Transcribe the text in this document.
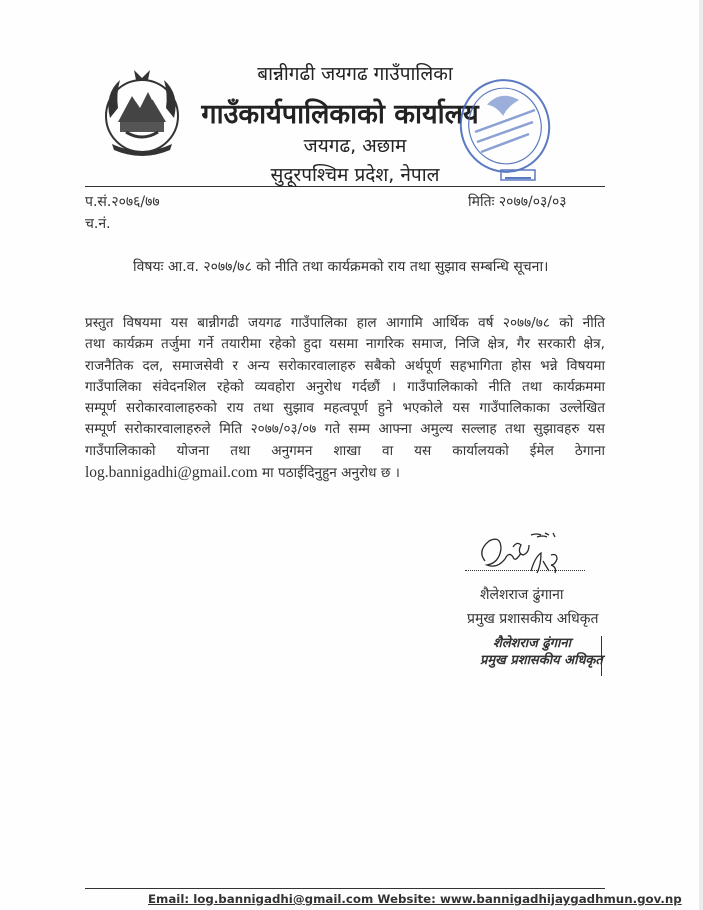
बान्नीगढी जयगढ गाउँपालिका
गाउँकार्यपालिकाको कार्यालय
जयगढ, अछाम
सुदूरपश्चिम प्रदेश, नेपाल
प.सं.२०७६/७७
च.नं.
मितिः २०७७/०३/०३
विषयः आ.व. २०७७/७८ को नीति तथा कार्यक्रमको राय तथा सुझाव सम्बन्धि सूचना।
प्रस्तुत विषयमा यस बान्नीगढी जयगढ गाउँपालिका हाल आगामि आर्थिक वर्ष २०७७/७८ को नीति
तथा कार्यक्रम तर्जुमा गर्ने तयारीमा रहेको हुदा यसमा नागरिक समाज, निजि क्षेत्र, गैर सरकारी क्षेत्र,
राजनैतिक दल, समाजसेवी र अन्य सरोकारवालाहरु सबैको अर्थपूर्ण सहभागिता होस भन्ने विषयमा
गाउँपालिका संवेदनशिल रहेको व्यवहोरा अनुरोध गर्दछौं । गाउँपालिकाको नीति तथा कार्यक्रममा
सम्पूर्ण सरोकारवालाहरुको राय तथा सुझाव महत्वपूर्ण हुने भएकोले यस गाउँपालिकाका उल्लेखित
सम्पूर्ण सरोकारवालाहरुले मिति २०७७/०३/०७ गते सम्म आफ्ना अमुल्य सल्लाह तथा सुझावहरु यस
गाउँपालिकाको योजना तथा अनुगमन शाखा वा यस कार्यालयको ईमेल ठेगाना
log.bannigadhi@gmail.com मा पठाईदिनुहुन अनुरोध छ ।
शैलेशराज ढुंगाना
प्रमुख प्रशासकीय अधिकृत
शैलेशराज ढुंगाना
प्रमुख प्रशासकीय अधिकृत
Email: log.bannigadhi@gmail.com Website: www.bannigadhijaygadhmun.gov.np
